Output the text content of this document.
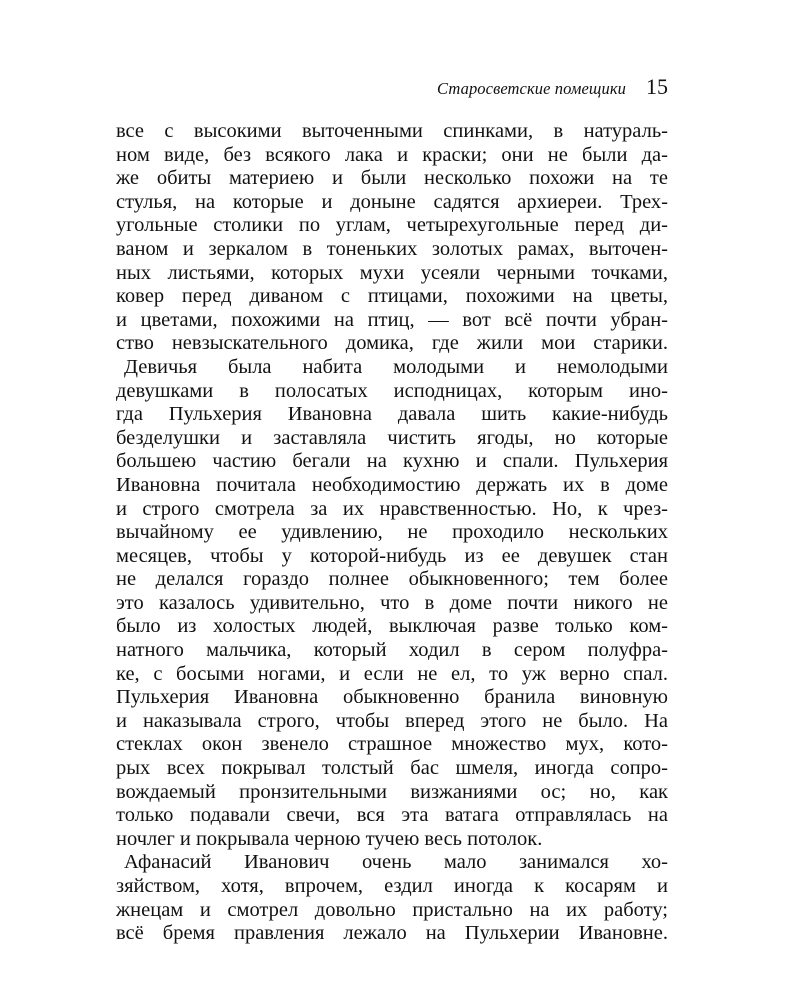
Старосветские помещики 15
все с высокими выточенными спинками, в натураль-
ном виде, без всякого лака и краски; они не были да-
же обиты материею и были несколько похожи на те
стулья, на которые и доныне садятся архиереи. Трех-
угольные столики по углам, четырехугольные перед ди-
ваном и зеркалом в тоненьких золотых рамах, выточен-
ных листьями, которых мухи усеяли черными точками,
ковер перед диваном с птицами, похожими на цветы,
и цветами, похожими на птиц, — вот всё почти убран-
ство невзыскательного домика, где жили мои старики.
Девичья была набита молодыми и немолодыми
девушками в полосатых исподницах, которым ино-
гда Пульхерия Ивановна давала шить какие-нибудь
безделушки и заставляла чистить ягоды, но которые
большею частию бегали на кухню и спали. Пульхерия
Ивановна почитала необходимостию держать их в доме
и строго смотрела за их нравственностью. Но, к чрез-
вычайному ее удивлению, не проходило нескольких
месяцев, чтобы у которой-нибудь из ее девушек стан
не делался гораздо полнее обыкновенного; тем более
это казалось удивительно, что в доме почти никого не
было из холостых людей, выключая разве только ком-
натного мальчика, который ходил в сером полуфра-
ке, с босыми ногами, и если не ел, то уж верно спал.
Пульхерия Ивановна обыкновенно бранила виновную
и наказывала строго, чтобы вперед этого не было. На
стеклах окон звенело страшное множество мух, кото-
рых всех покрывал толстый бас шмеля, иногда сопро-
вождаемый пронзительными визжаниями ос; но, как
только подавали свечи, вся эта ватага отправлялась на
ночлег и покрывала черною тучею весь потолок.
Афанасий Иванович очень мало занимался хо-
зяйством, хотя, впрочем, ездил иногда к косарям и
жнецам и смотрел довольно пристально на их работу;
всё бремя правления лежало на Пульхерии Ивановне.
